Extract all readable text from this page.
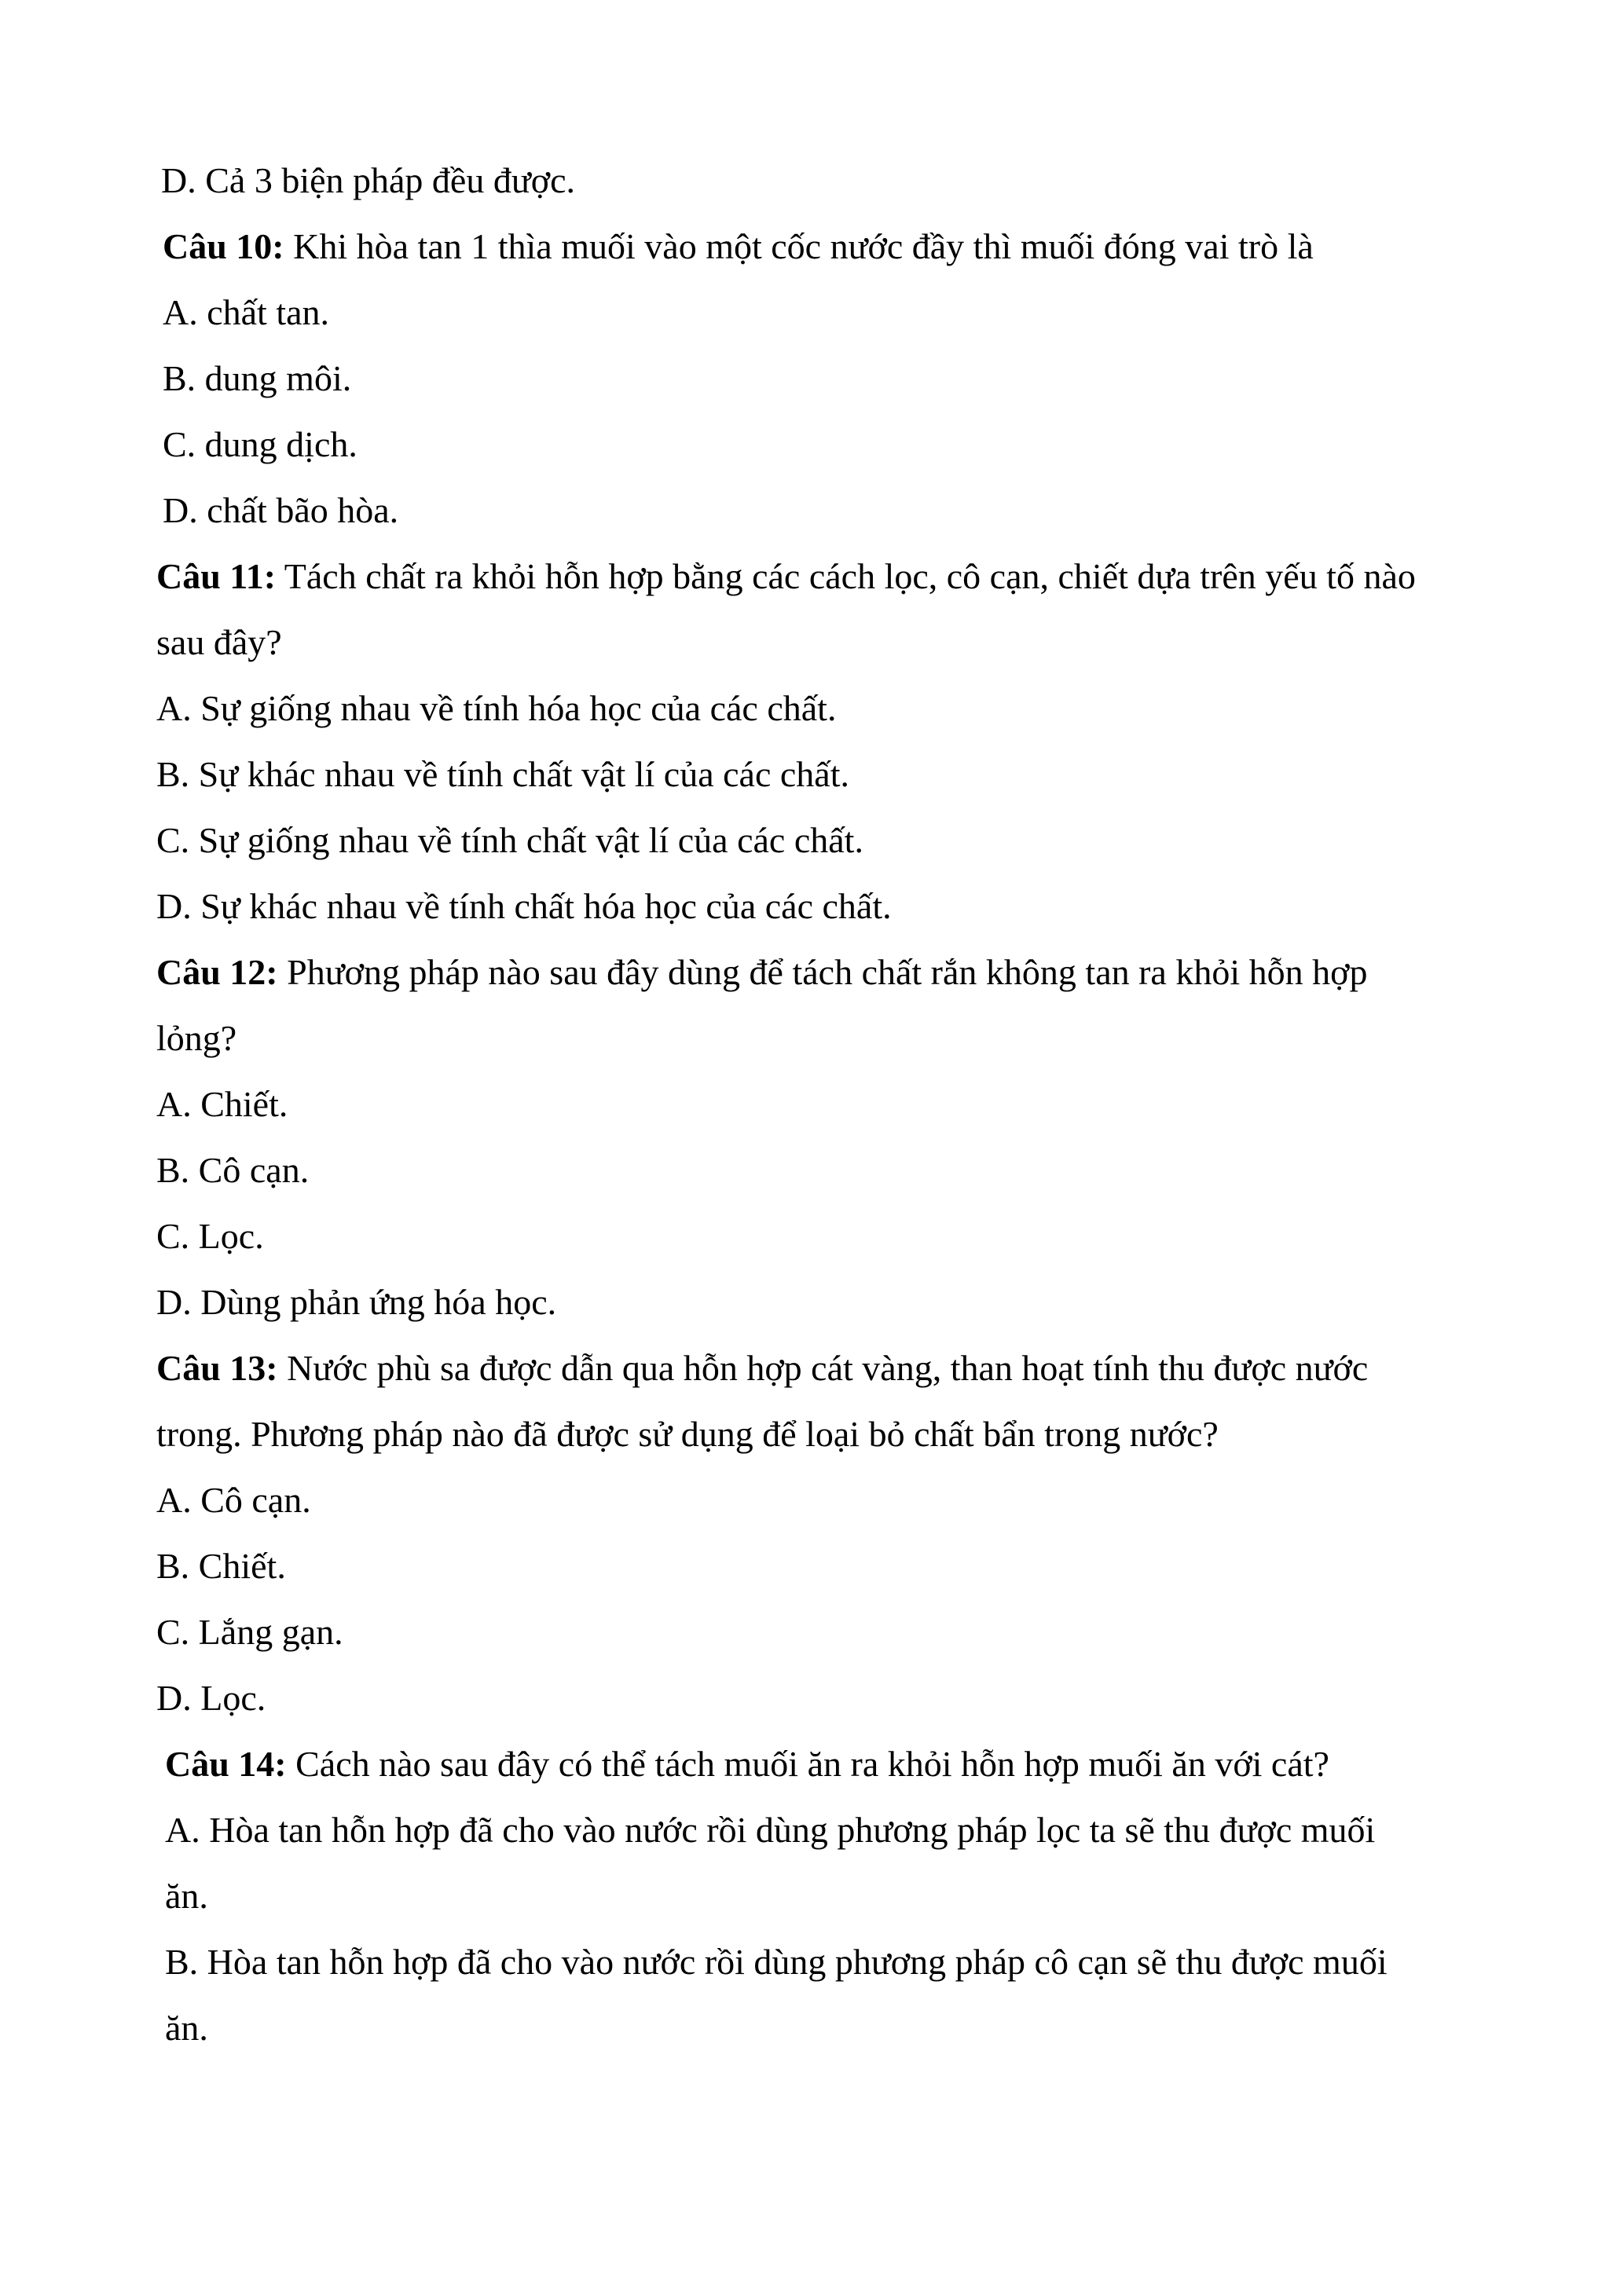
D. Cả 3 biện pháp đều được.

Câu 10: Khi hòa tan 1 thìa muối vào một cốc nước đầy thì muối đóng vai trò là

A. chất tan.

B. dung môi.

C. dung dịch.

D. chất bão hòa.

Câu 11: Tách chất ra khỏi hỗn hợp bằng các cách lọc, cô cạn, chiết dựa trên yếu tố nào

sau đây?

A. Sự giống nhau về tính hóa học của các chất.

B. Sự khác nhau về tính chất vật lí của các chất.

C. Sự giống nhau về tính chất vật lí của các chất.

D. Sự khác nhau về tính chất hóa học của các chất.

Câu 12: Phương pháp nào sau đây dùng để tách chất rắn không tan ra khỏi hỗn hợp

lỏng?

A. Chiết.

B. Cô cạn.

C. Lọc.

D. Dùng phản ứng hóa học.

Câu 13: Nước phù sa được dẫn qua hỗn hợp cát vàng, than hoạt tính thu được nước

trong. Phương pháp nào đã được sử dụng để loại bỏ chất bẩn trong nước?

A. Cô cạn.

B. Chiết.

C. Lắng gạn.

D. Lọc.

Câu 14: Cách nào sau đây có thể tách muối ăn ra khỏi hỗn hợp muối ăn với cát?

A. Hòa tan hỗn hợp đã cho vào nước rồi dùng phương pháp lọc ta sẽ thu được muối

ăn.

B. Hòa tan hỗn hợp đã cho vào nước rồi dùng phương pháp cô cạn sẽ thu được muối

ăn.
